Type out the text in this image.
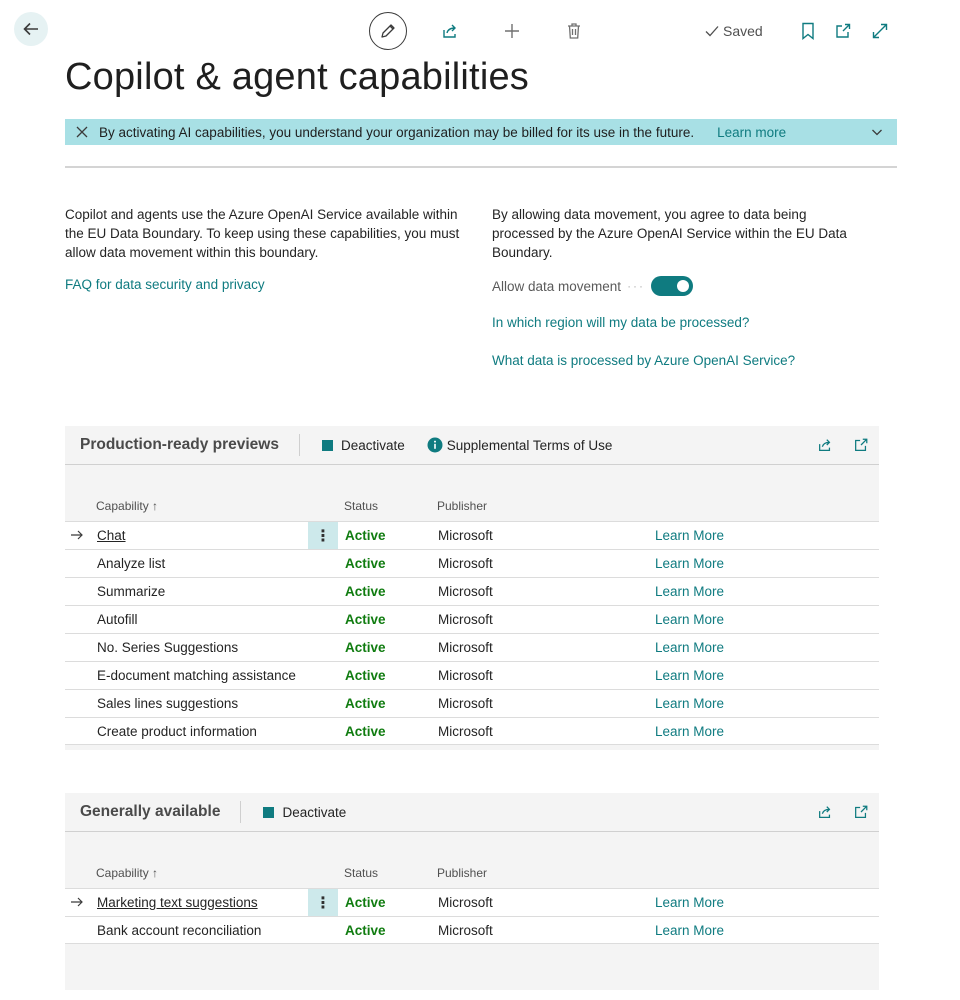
Saved
Copilot & agent capabilities
By activating AI capabilities, you understand your organization may be billed for its use in the future. Learn more
Copilot and agents use the Azure OpenAI Service available within the EU Data Boundary. To keep using these capabilities, you must allow data movement within this boundary.
FAQ for data security and privacy
By allowing data movement, you agree to data being processed by the Azure OpenAI Service within the EU Data Boundary.
Allow data movement ···
In which region will my data be processed?
What data is processed by Azure OpenAI Service?
Production-ready previews	Deactivate	Supplemental Terms of Use
Capability ↑	Status	Publisher
Chat	⋮	Active	Microsoft	Learn More
Analyze list	Active	Microsoft	Learn More
Summarize	Active	Microsoft	Learn More
Autofill	Active	Microsoft	Learn More
No. Series Suggestions	Active	Microsoft	Learn More
E-document matching assistance	Active	Microsoft	Learn More
Sales lines suggestions	Active	Microsoft	Learn More
Create product information	Active	Microsoft	Learn More
Generally available	Deactivate
Capability ↑	Status	Publisher
Marketing text suggestions	⋮	Active	Microsoft	Learn More
Bank account reconciliation	Active	Microsoft	Learn More
